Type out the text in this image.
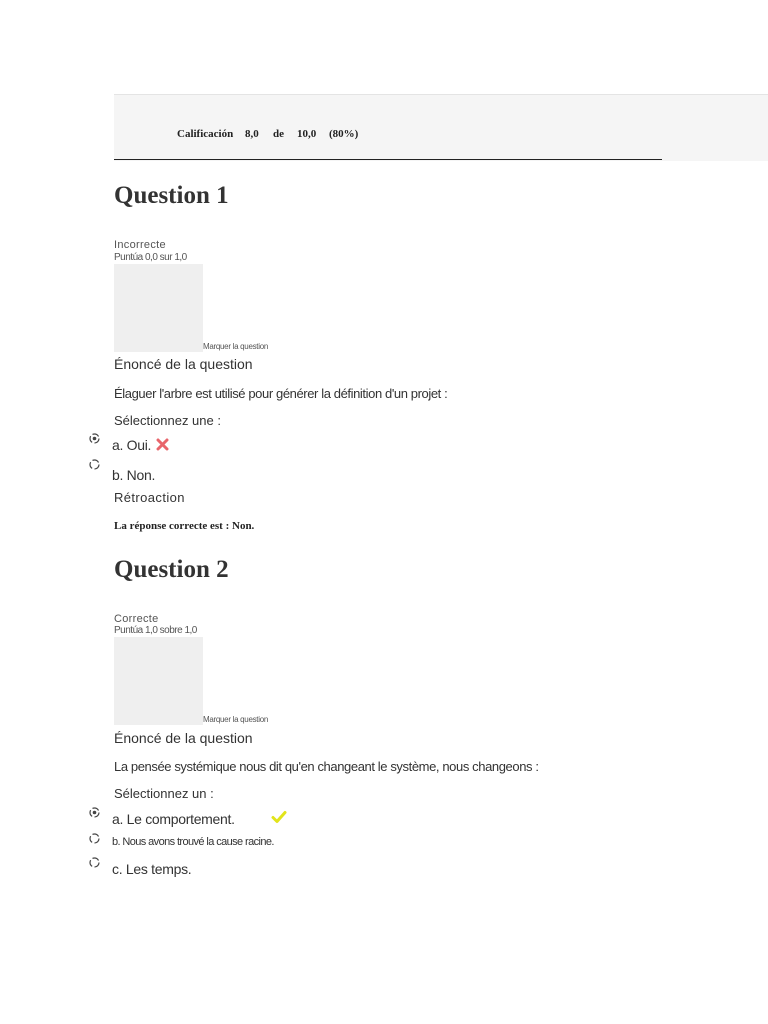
Calificación 8,0 de 10,0 (80%)
Question 1
Incorrecte
Puntúa 0,0 sur 1,0
Marquer la question
Énoncé de la question
Élaguer l'arbre est utilisé pour générer la définition d'un projet :
Sélectionnez une :
a. Oui.
b. Non.
Rétroaction
La réponse correcte est : Non.
Question 2
Correcte
Puntúa 1,0 sobre 1,0
Marquer la question
Énoncé de la question
La pensée systémique nous dit qu'en changeant le système, nous changeons :
Sélectionnez un :
a. Le comportement.
b. Nous avons trouvé la cause racine.
c. Les temps.
